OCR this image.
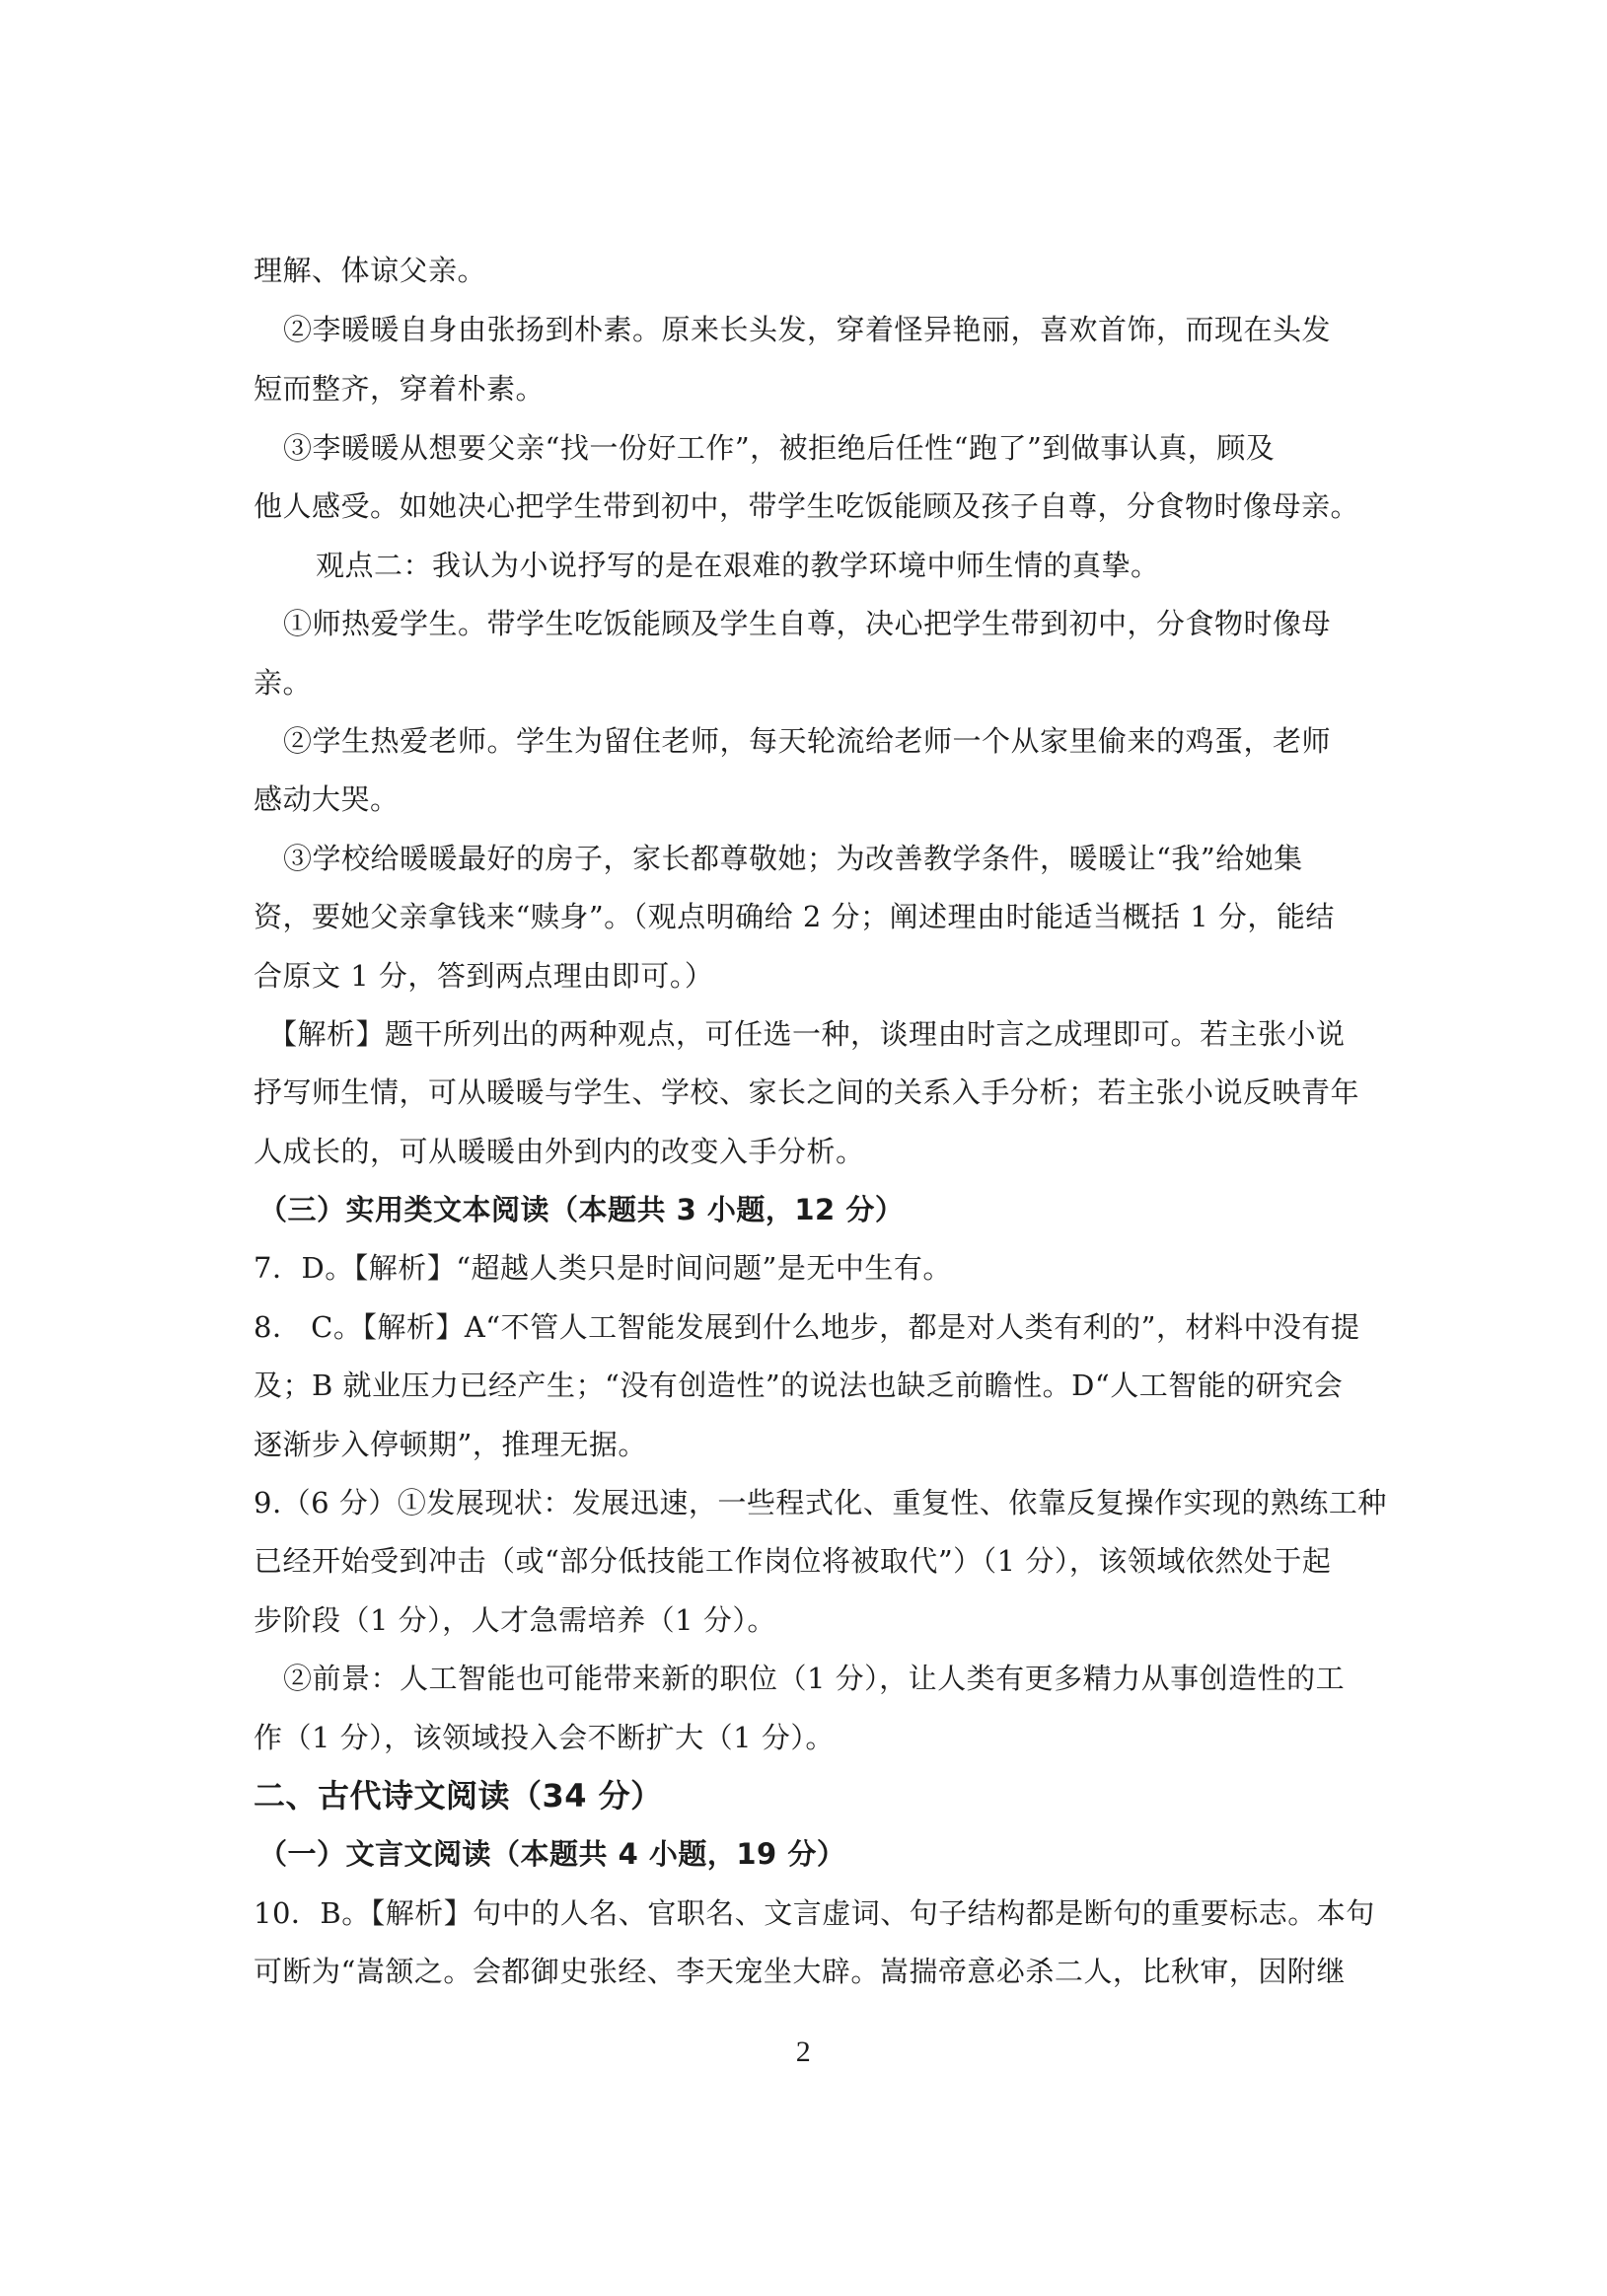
理解、体谅父亲。
②李暖暖自身由张扬到朴素。原来长头发，穿着怪异艳丽，喜欢首饰，而现在头发
短而整齐，穿着朴素。
③李暖暖从想要父亲“找一份好工作”，被拒绝后任性“跑了”到做事认真，顾及
他人感受。如她决心把学生带到初中，带学生吃饭能顾及孩子自尊，分食物时像母亲。
观点二：我认为小说抒写的是在艰难的教学环境中师生情的真挚。
①师热爱学生。带学生吃饭能顾及学生自尊，决心把学生带到初中，分食物时像母
亲。
②学生热爱老师。学生为留住老师，每天轮流给老师一个从家里偷来的鸡蛋，老师
感动大哭。
③学校给暖暖最好的房子，家长都尊敬她；为改善教学条件，暖暖让“我”给她集
资，要她父亲拿钱来“赎身”。（观点明确给 2 分；阐述理由时能适当概括 1 分，能结
合原文 1 分，答到两点理由即可。）
【解析】题干所列出的两种观点，可任选一种，谈理由时言之成理即可。若主张小说
抒写师生情，可从暖暖与学生、学校、家长之间的关系入手分析；若主张小说反映青年
人成长的，可从暖暖由外到内的改变入手分析。
（三）实用类文本阅读（本题共 3 小题，12 分）
7．D。【解析】“超越人类只是时间问题”是无中生有。
8． C。【解析】A“不管人工智能发展到什么地步，都是对人类有利的”，材料中没有提
及；B 就业压力已经产生；“没有创造性”的说法也缺乏前瞻性。D“人工智能的研究会
逐渐步入停顿期”，推理无据。
9.（6 分）①发展现状：发展迅速，一些程式化、重复性、依靠反复操作实现的熟练工种
已经开始受到冲击（或“部分低技能工作岗位将被取代”）（1 分），该领域依然处于起
步阶段（1 分），人才急需培养（1 分）。
②前景：人工智能也可能带来新的职位（1 分），让人类有更多精力从事创造性的工
作（1 分），该领域投入会不断扩大（1 分）。
二、古代诗文阅读（34 分）
（一）文言文阅读（本题共 4 小题，19 分）
10．B。【解析】句中的人名、官职名、文言虚词、句子结构都是断句的重要标志。本句
可断为“嵩颔之。会都御史张经、李天宠坐大辟。嵩揣帝意必杀二人，比秋审，因附继
2
